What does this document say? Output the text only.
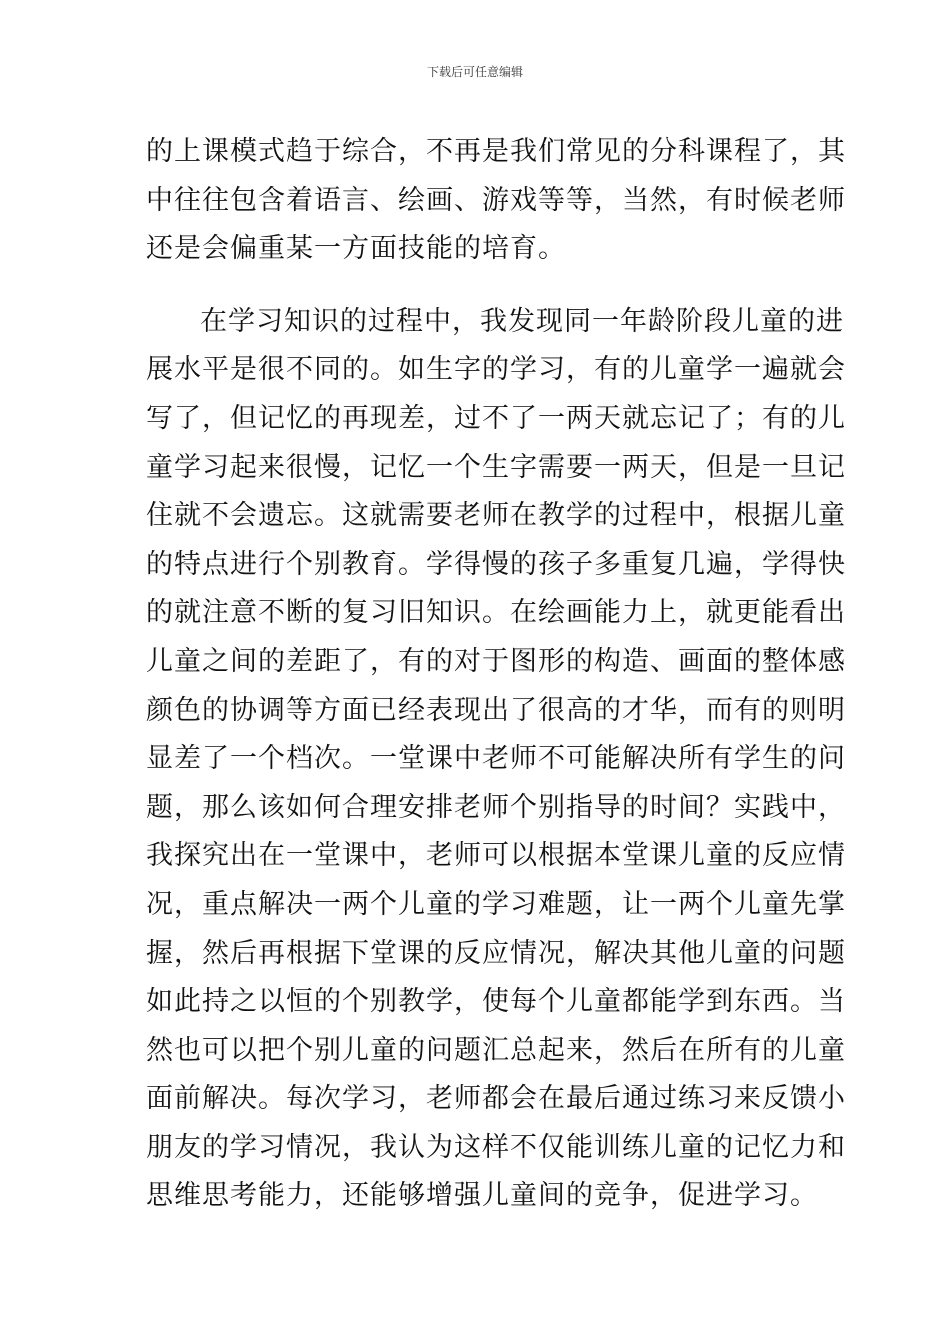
下载后可任意编辑
的上课模式趋于综合，不再是我们常见的分科课程了，其
中往往包含着语言、绘画、游戏等等，当然，有时候老师
还是会偏重某一方面技能的培育。
在学习知识的过程中，我发现同一年龄阶段儿童的进
展水平是很不同的。如生字的学习，有的儿童学一遍就会
写了，但记忆的再现差，过不了一两天就忘记了；有的儿
童学习起来很慢，记忆一个生字需要一两天，但是一旦记
住就不会遗忘。这就需要老师在教学的过程中，根据儿童
的特点进行个别教育。学得慢的孩子多重复几遍，学得快
的就注意不断的复习旧知识。在绘画能力上，就更能看出
儿童之间的差距了，有的对于图形的构造、画面的整体感
颜色的协调等方面已经表现出了很高的才华，而有的则明
显差了一个档次。一堂课中老师不可能解决所有学生的问
题，那么该如何合理安排老师个别指导的时间？实践中，
我探究出在一堂课中，老师可以根据本堂课儿童的反应情
况，重点解决一两个儿童的学习难题，让一两个儿童先掌
握，然后再根据下堂课的反应情况，解决其他儿童的问题
如此持之以恒的个别教学，使每个儿童都能学到东西。当
然也可以把个别儿童的问题汇总起来，然后在所有的儿童
面前解决。每次学习，老师都会在最后通过练习来反馈小
朋友的学习情况，我认为这样不仅能训练儿童的记忆力和
思维思考能力，还能够增强儿童间的竞争，促进学习。
